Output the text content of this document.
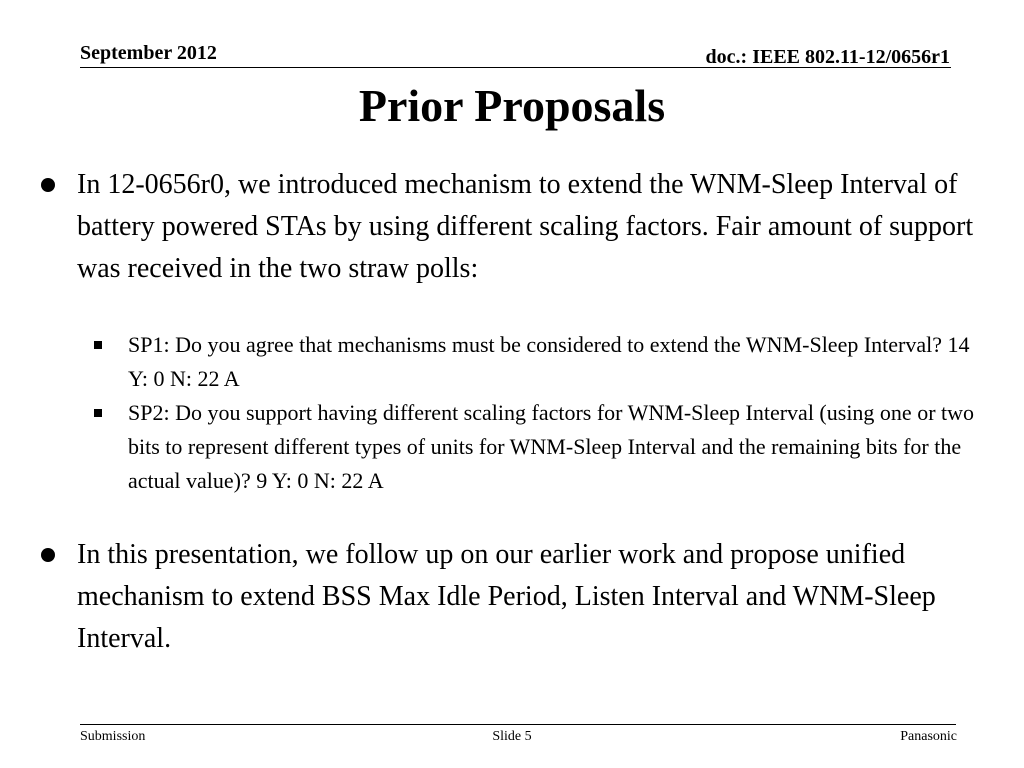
September 2012	doc.: IEEE 802.11-12/0656r1
Prior Proposals
In 12-0656r0, we introduced mechanism to extend the WNM-Sleep Interval of battery powered STAs by using different scaling factors. Fair amount of support was received in the two straw polls:
SP1: Do you agree that mechanisms must be considered to extend the WNM-Sleep Interval? 14 Y: 0 N: 22 A
SP2: Do you support having different scaling factors for WNM-Sleep Interval (using one or two bits to represent different types of units for WNM-Sleep Interval and the remaining bits for the actual value)? 9 Y: 0 N: 22 A
In this presentation, we follow up on our earlier work and propose unified mechanism to extend BSS Max Idle Period, Listen Interval and WNM-Sleep Interval.
Submission	Slide 5	Panasonic
